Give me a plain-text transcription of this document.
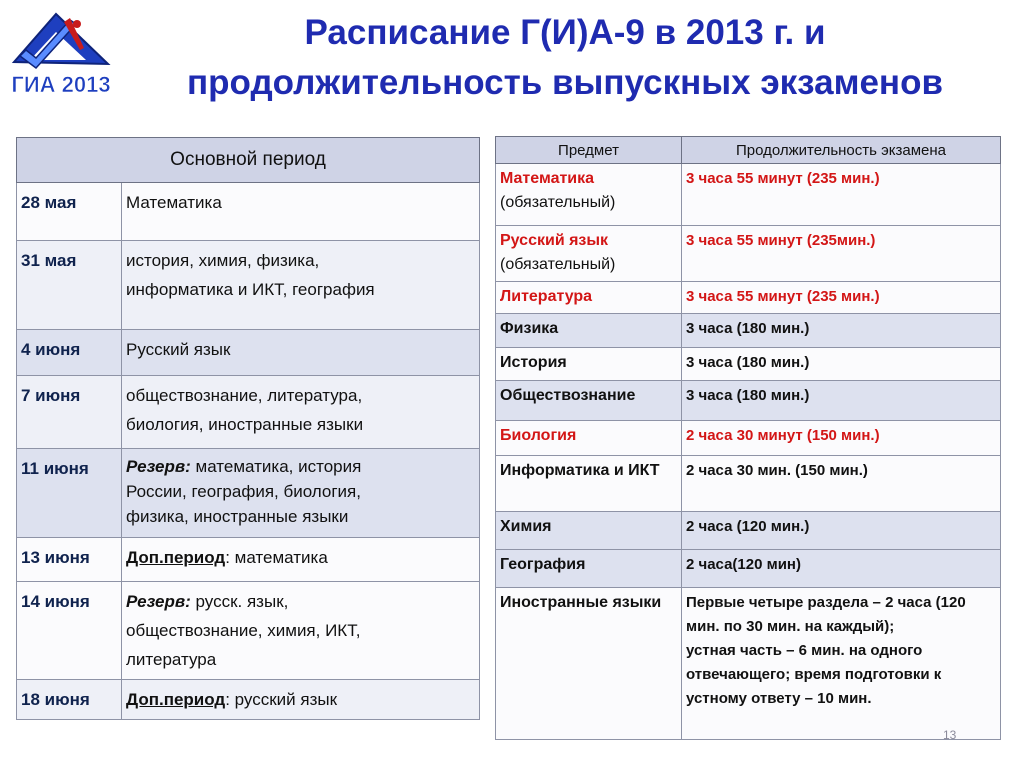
ГИА 2013
Расписание Г(И)А-9 в 2013 г. и
продолжительность выпускных экзаменов
Основной период	
28 мая	Математика
31 мая	история, химия, физика,
информатика и ИКТ, география
4 июня	Русский язык
7 июня	обществознание, литература,
биология, иностранные языки
11 июня	Резерв: математика, история
России, география, биология,
физика, иностранные языки
13 июня	Доп.период: математика
14 июня	Резерв: русск. язык,
обществознание, химия, ИКТ,
литература
18 июня	Доп.период: русский язык
Предмет	Продолжительность экзамена

Математика
(обязательный)	3 часа 55 минут (235 мин.)

Русский язык
(обязательный)	3 часа 55 минут (235мин.)
Литература	3 часа 55 минут (235 мин.)
Физика	3 часа (180 мин.)
История	3 часа (180 мин.)
Обществознание	3 часа (180 мин.)
Биология	2 часа 30 минут (150 мин.)
Информатика и ИКТ	2 часа 30 мин. (150 мин.)
Химия	2 часа (120 мин.)
География	2 часа(120 мин)
Иностранные языки	Первые четыре раздела – 2 часа (120 мин. по 30 мин. на каждый);
устная часть – 6 мин. на одного отвечающего; время подготовки к устному ответу – 10 мин.
13
